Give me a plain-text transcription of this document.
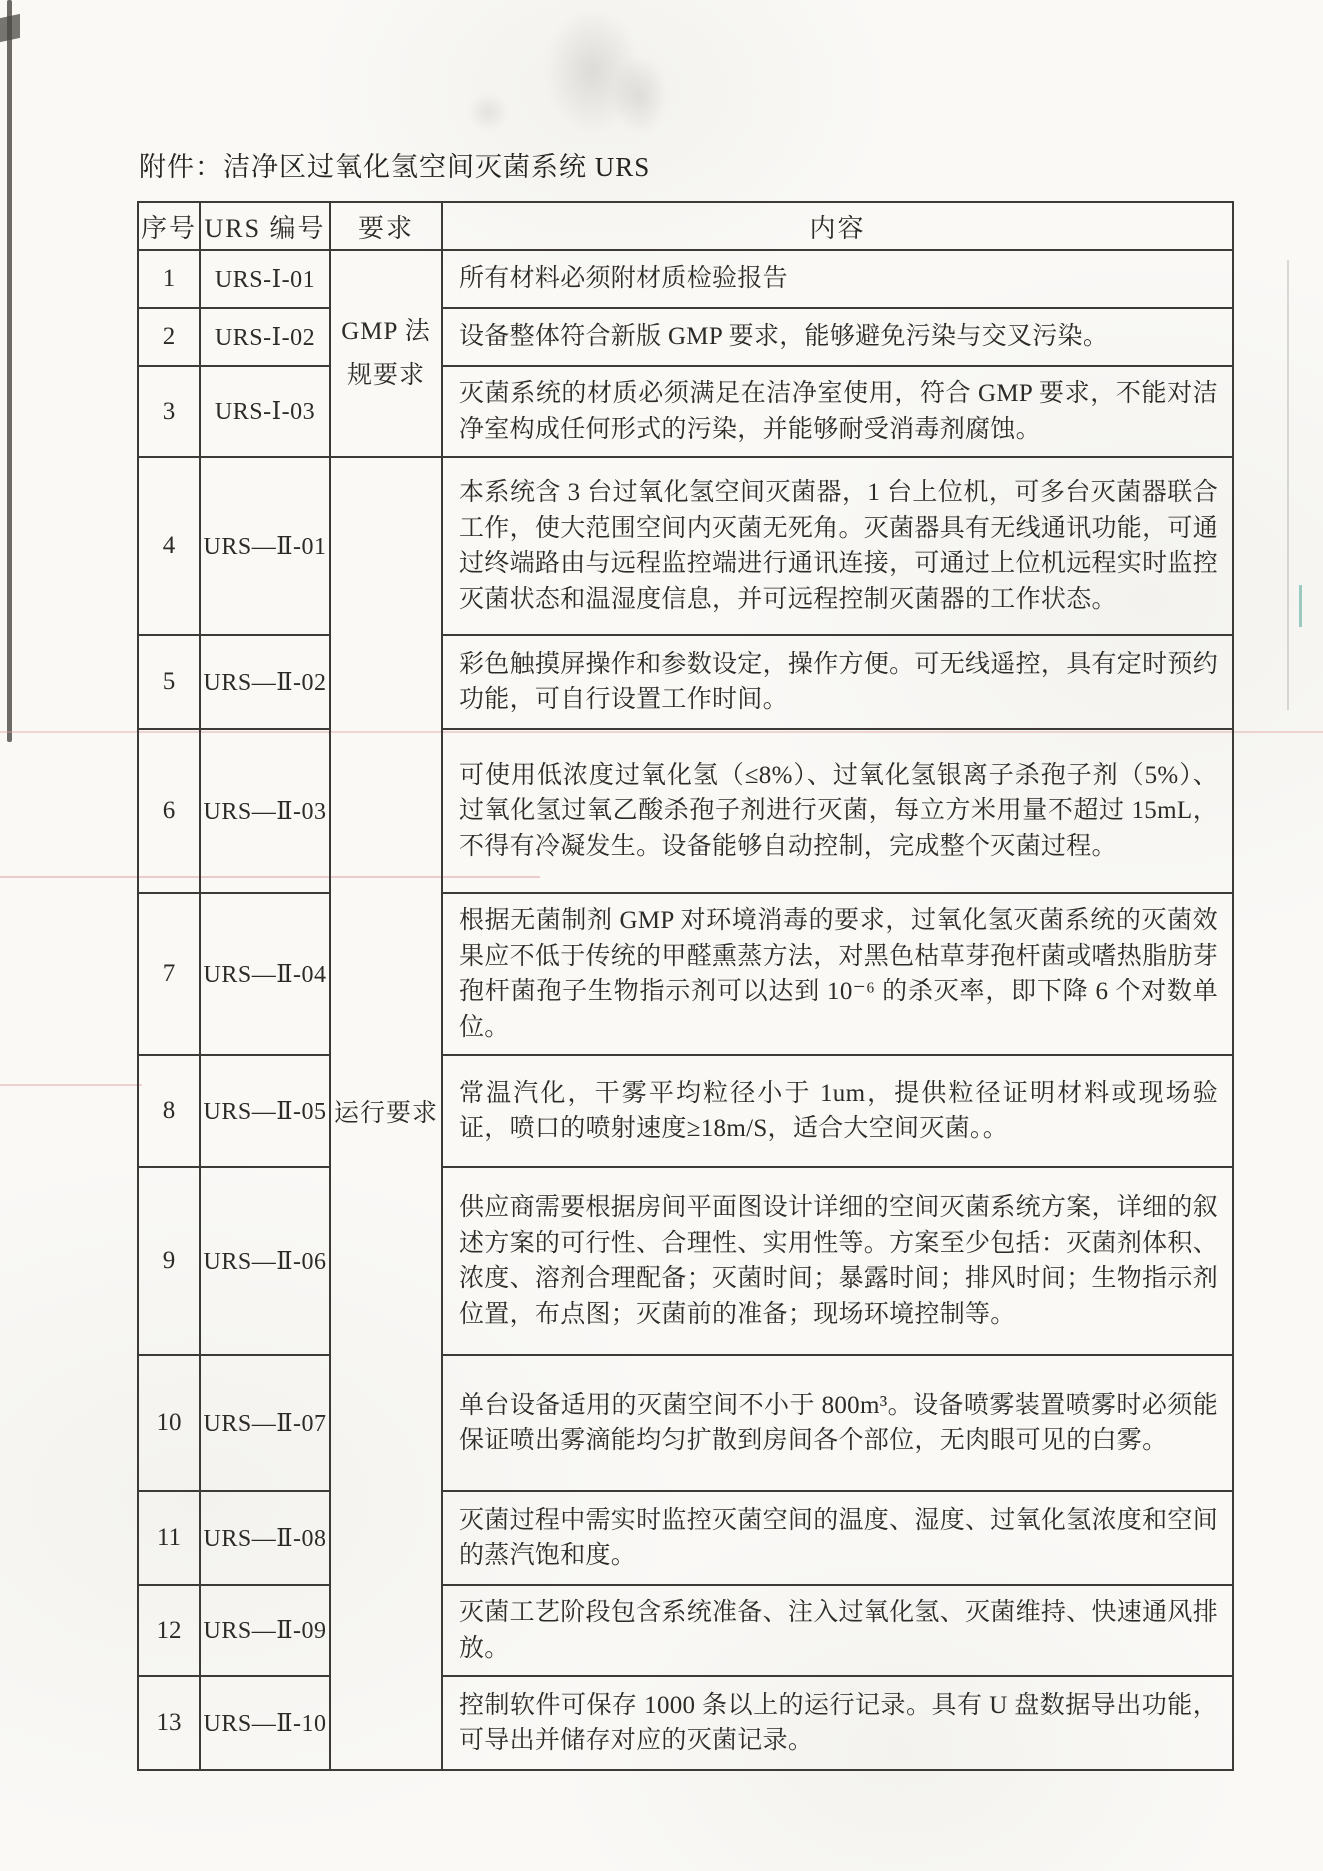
附件：洁净区过氧化氢空间灭菌系统 URS

序号	URS 编号	要求	内容
1	URS-Ⅰ-01	GMP 法规要求	所有材料必须附材质检验报告
2	URS-Ⅰ-02		设备整体符合新版 GMP 要求，能够避免污染与交叉污染。
3	URS-Ⅰ-03		灭菌系统的材质必须满足在洁净室使用，符合 GMP 要求，不能对洁净室构成任何形式的污染，并能够耐受消毒剂腐蚀。
4	URS—Ⅱ-01	运行要求	本系统含 3 台过氧化氢空间灭菌器，1 台上位机，可多台灭菌器联合工作，使大范围空间内灭菌无死角。灭菌器具有无线通讯功能，可通过终端路由与远程监控端进行通讯连接，可通过上位机远程实时监控灭菌状态和温湿度信息，并可远程控制灭菌器的工作状态。
5	URS—Ⅱ-02		彩色触摸屏操作和参数设定，操作方便。可无线遥控，具有定时预约功能，可自行设置工作时间。
6	URS—Ⅱ-03		可使用低浓度过氧化氢（≤8%）、过氧化氢银离子杀孢子剂（5%）、过氧化氢过氧乙酸杀孢子剂进行灭菌，每立方米用量不超过 15mL，不得有冷凝发生。设备能够自动控制，完成整个灭菌过程。
7	URS—Ⅱ-04		根据无菌制剂 GMP 对环境消毒的要求，过氧化氢灭菌系统的灭菌效果应不低于传统的甲醛熏蒸方法，对黑色枯草芽孢杆菌或嗜热脂肪芽孢杆菌孢子生物指示剂可以达到 10⁻⁶ 的杀灭率，即下降 6 个对数单位。
8	URS—Ⅱ-05		常温汽化，干雾平均粒径小于 1um，提供粒径证明材料或现场验证，喷口的喷射速度≥18m/S，适合大空间灭菌。。
9	URS—Ⅱ-06		供应商需要根据房间平面图设计详细的空间灭菌系统方案，详细的叙述方案的可行性、合理性、实用性等。方案至少包括：灭菌剂体积、浓度、溶剂合理配备；灭菌时间；暴露时间；排风时间；生物指示剂位置，布点图；灭菌前的准备；现场环境控制等。
10	URS—Ⅱ-07		单台设备适用的灭菌空间不小于 800m³。设备喷雾装置喷雾时必须能保证喷出雾滴能均匀扩散到房间各个部位，无肉眼可见的白雾。
11	URS—Ⅱ-08		灭菌过程中需实时监控灭菌空间的温度、湿度、过氧化氢浓度和空间的蒸汽饱和度。
12	URS—Ⅱ-09		灭菌工艺阶段包含系统准备、注入过氧化氢、灭菌维持、快速通风排放。
13	URS—Ⅱ-10		控制软件可保存 1000 条以上的运行记录。具有 U 盘数据导出功能，可导出并储存对应的灭菌记录。
